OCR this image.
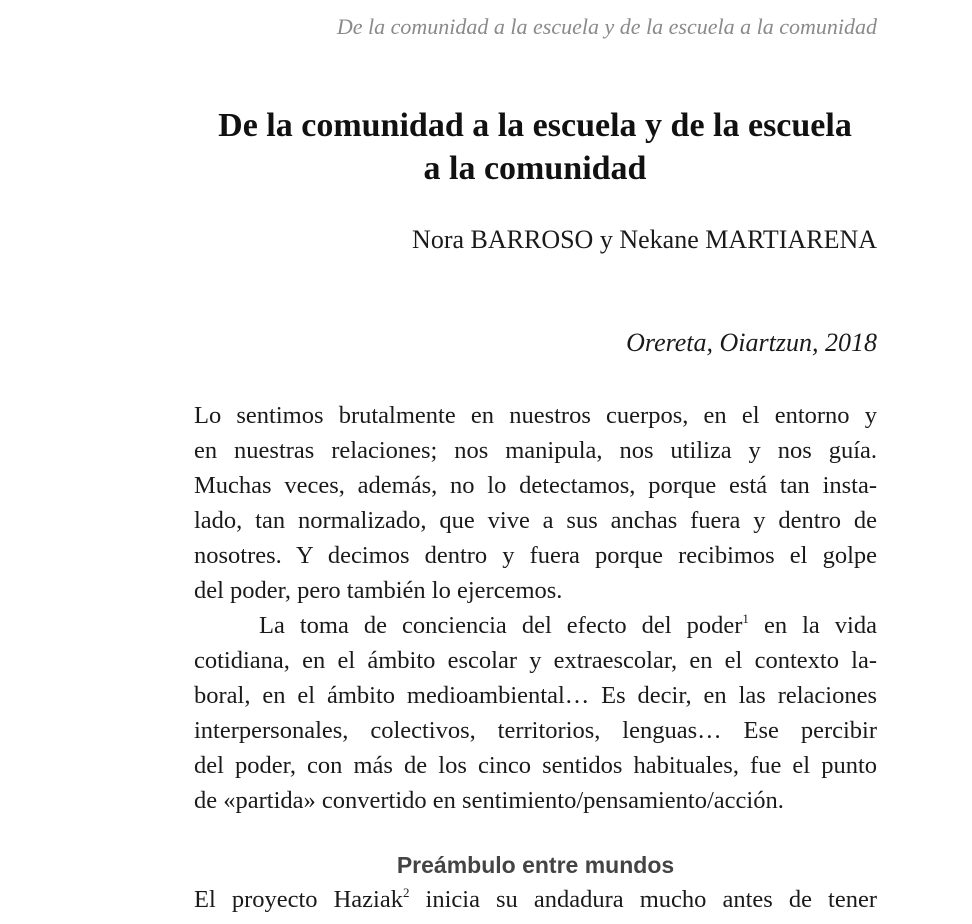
De la comunidad a la escuela y de la escuela a la comunidad
De la comunidad a la escuela y de la escuela
a la comunidad
Nora BARROSO y Nekane MARTIARENA
Orereta, Oiartzun, 2018
Lo sentimos brutalmente en nuestros cuerpos, en el entorno y
en nuestras relaciones; nos manipula, nos utiliza y nos guía.
Muchas veces, además, no lo detectamos, porque está tan insta-
lado, tan normalizado, que vive a sus anchas fuera y dentro de
nosotres. Y decimos dentro y fuera porque recibimos el golpe
del poder, pero también lo ejercemos.
La toma de conciencia del efecto del poder$^1$ en la vida
cotidiana, en el ámbito escolar y extraescolar, en el contexto la-
boral, en el ámbito medioambiental… Es decir, en las relaciones
interpersonales, colectivos, territorios, lenguas… Ese percibir
del poder, con más de los cinco sentidos habituales, fue el punto
de «partida» convertido en sentimiento/pensamiento/acción.
Preámbulo entre mundos
El proyecto Haziak$^2$ inicia su andadura mucho antes de tener
